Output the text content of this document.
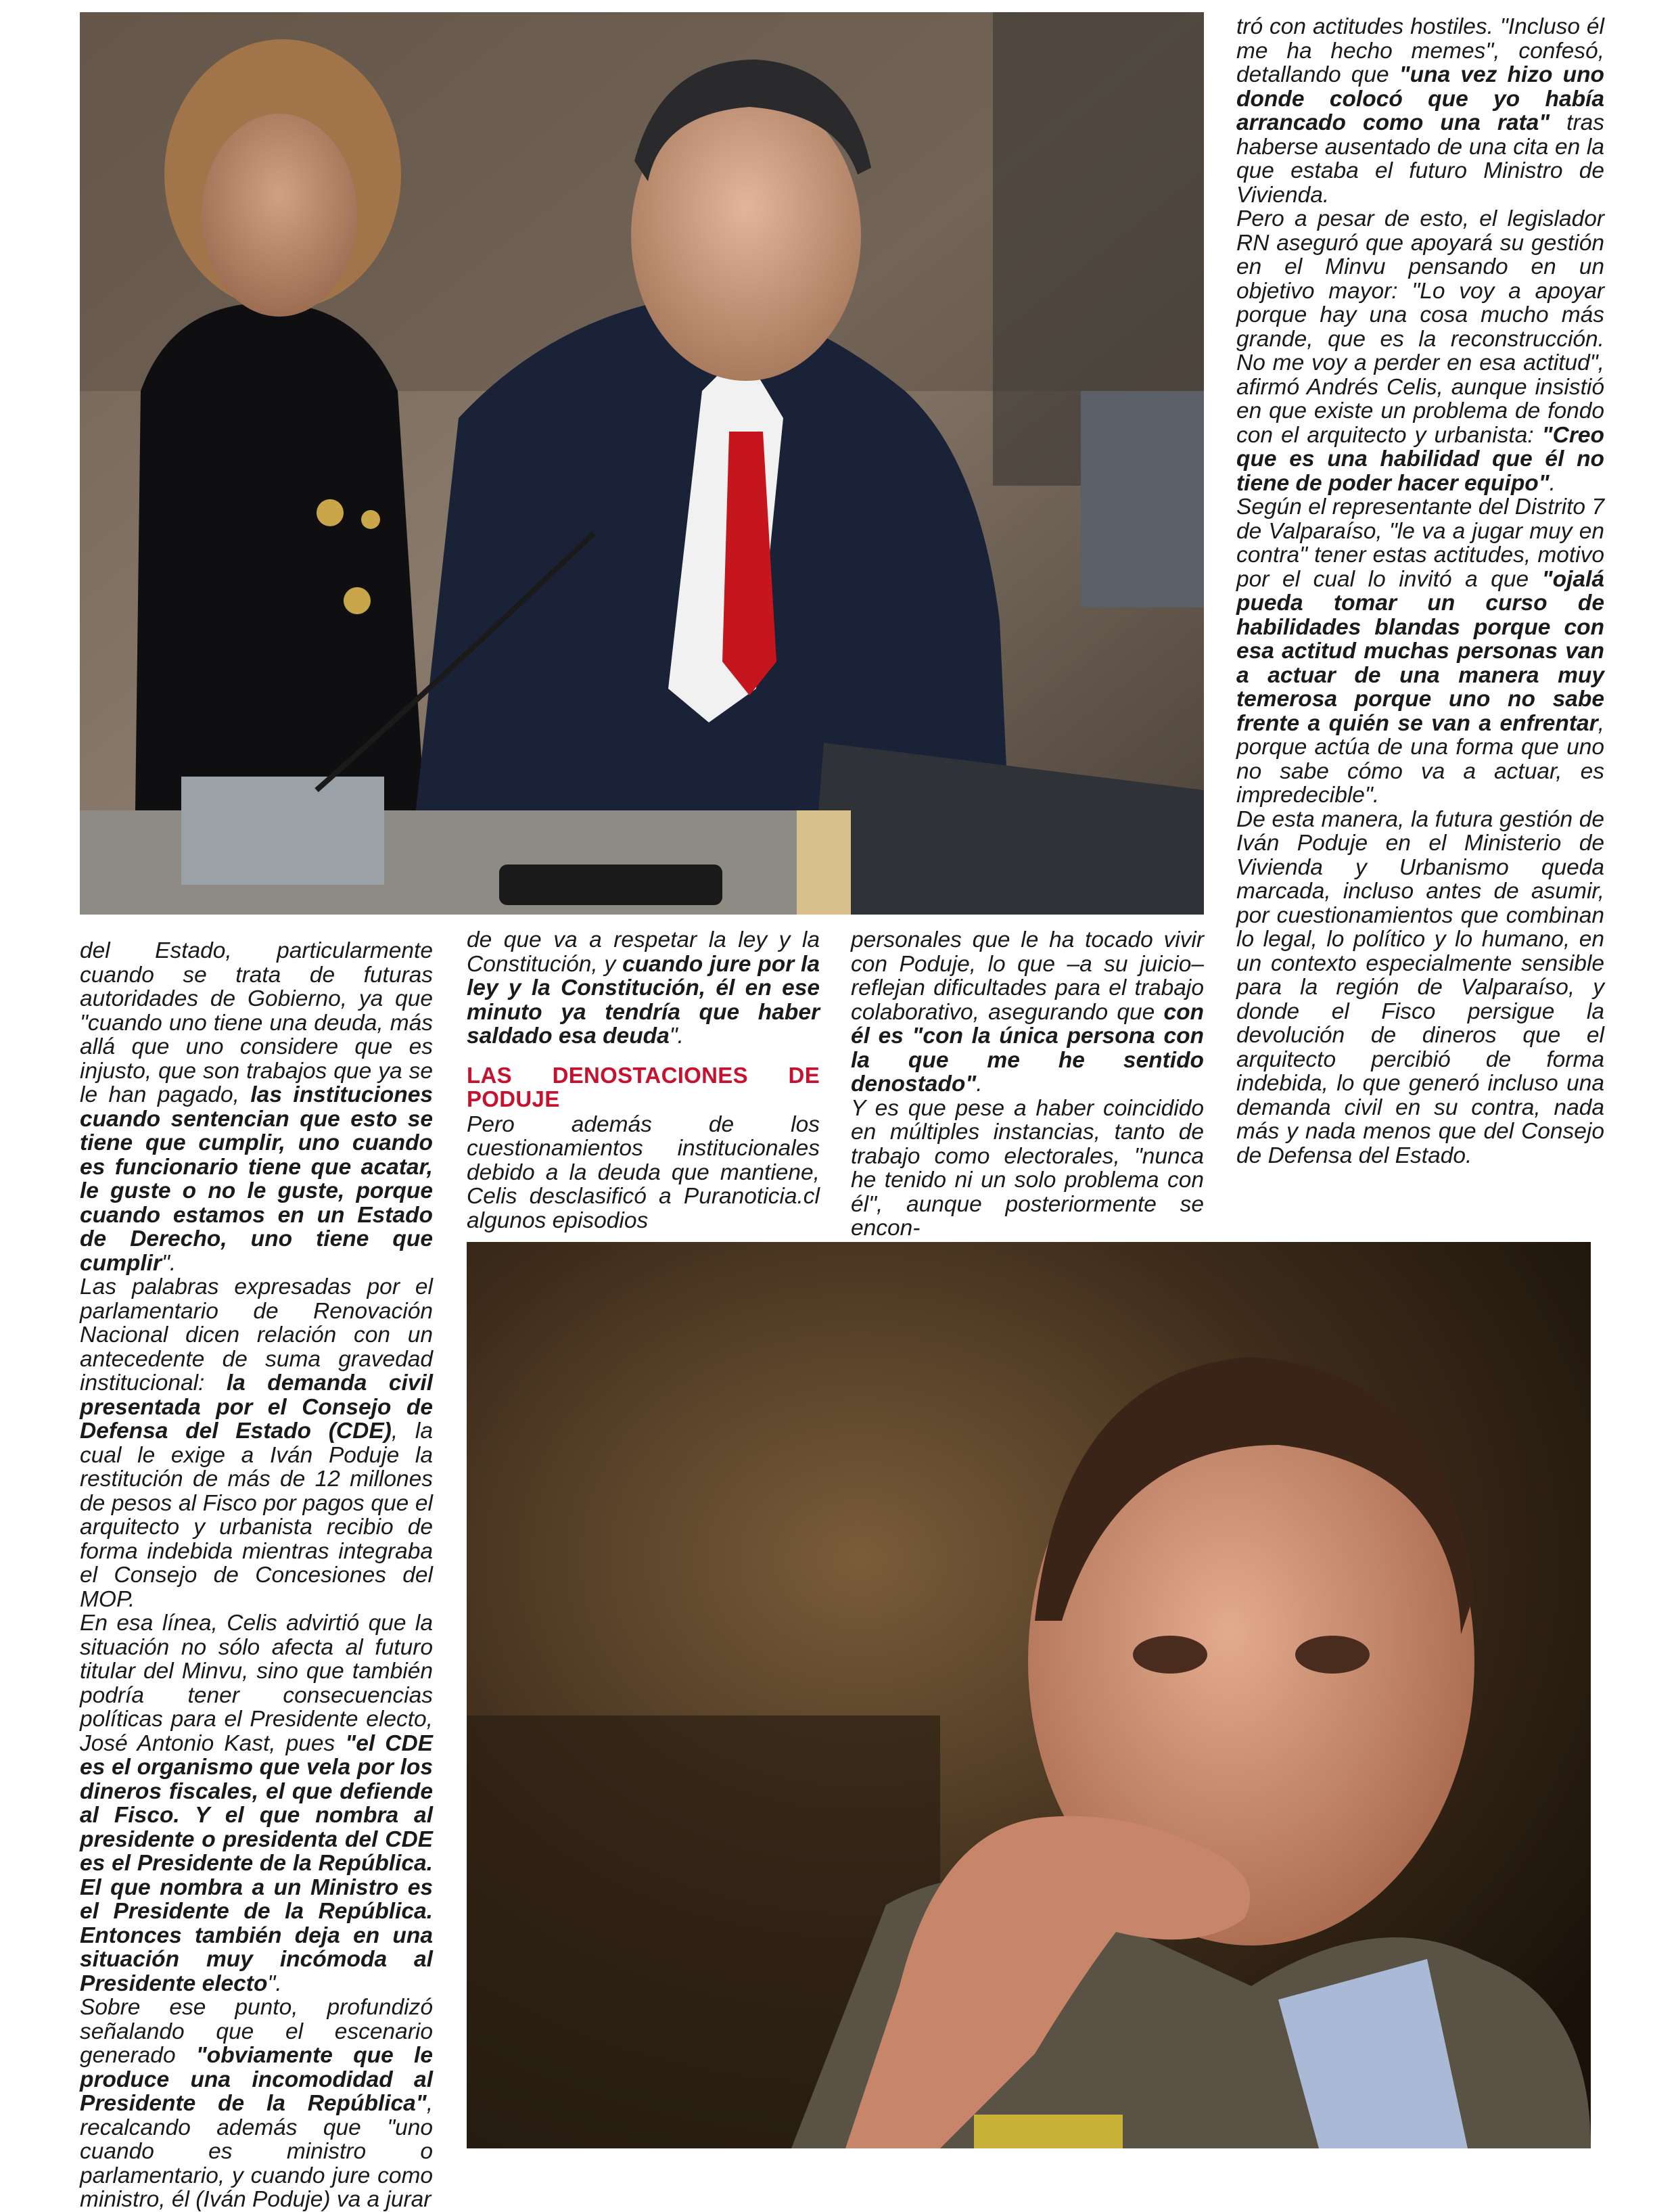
tró con actitudes hostiles. "Incluso él me ha hecho memes", confesó, detallando que "una vez hizo uno donde colocó que yo había arrancado como una rata" tras haberse ausentado de una cita en la que estaba el futuro Ministro de Vivienda.

Pero a pesar de esto, el legislador RN aseguró que apoyará su gestión en el Minvu pensando en un objetivo mayor: "Lo voy a apoyar porque hay una cosa mucho más grande, que es la reconstrucción. No me voy a perder en esa actitud", afirmó Andrés Celis, aunque insistió en que existe un problema de fondo con el arquitecto y urbanista: "Creo que es una habilidad que él no tiene de poder hacer equipo".

Según el representante del Distrito 7 de Valparaíso, "le va a jugar muy en contra" tener estas actitudes, motivo por el cual lo invitó a que "ojalá pueda tomar un curso de habilidades blandas porque con esa actitud muchas personas van a actuar de una manera muy temerosa porque uno no sabe frente a quién se van a enfrentar, porque actúa de una forma que uno no sabe cómo va a actuar, es impredecible".

De esta manera, la futura gestión de Iván Poduje en el Ministerio de Vivienda y Urbanismo queda marcada, incluso antes de asumir, por cuestionamientos que combinan lo legal, lo político y lo humano, en un contexto especialmente sensible para la región de Valparaíso, y donde el Fisco persigue la devolución de dineros que el arquitecto percibió de forma indebida, lo que generó incluso una demanda civil en su contra, nada más y nada menos que del Consejo de Defensa del Estado.

del Estado, particularmente cuando se trata de futuras autoridades de Gobierno, ya que "cuando uno tiene una deuda, más allá que uno considere que es injusto, que son trabajos que ya se le han pagado, las instituciones cuando sentencian que esto se tiene que cumplir, uno cuando es funcionario tiene que acatar, le guste o no le guste, porque cuando estamos en un Estado de Derecho, uno tiene que cumplir".

Las palabras expresadas por el parlamentario de Renovación Nacional dicen relación con un antecedente de suma gravedad institucional: la demanda civil presentada por el Consejo de Defensa del Estado (CDE), la cual le exige a Iván Poduje la restitución de más de 12 millones de pesos al Fisco por pagos que el arquitecto y urbanista recibio de forma indebida mientras integraba el Consejo de Concesiones del MOP.

En esa línea, Celis advirtió que la situación no sólo afecta al futuro titular del Minvu, sino que también podría tener consecuencias políticas para el Presidente electo, José Antonio Kast, pues "el CDE es el organismo que vela por los dineros fiscales, el que defiende al Fisco. Y el que nombra al presidente o presidenta del CDE es el Presidente de la República. El que nombra a un Ministro es el Presidente de la República. Entonces también deja en una situación muy incómoda al Presidente electo".

Sobre ese punto, profundizó señalando que el escenario generado "obviamente que le produce una incomodidad al Presidente de la República", recalcando además que "uno cuando es ministro o parlamentario, y cuando jure como ministro, él (Iván Poduje) va a jurar

de que va a respetar la ley y la Constitución, y cuando jure por la ley y la Constitución, él en ese minuto ya tendría que haber saldado esa deuda".

LAS DENOSTACIONES DE PODUJE

Pero además de los cuestionamientos institucionales debido a la deuda que mantiene, Celis desclasificó a Puranoticia.cl algunos episodios

personales que le ha tocado vivir con Poduje, lo que –a su juicio– reflejan dificultades para el trabajo colaborativo, asegurando que con él es "con la única persona con la que me he sentido denostado".

Y es que pese a haber coincidido en múltiples instancias, tanto de trabajo como electorales, "nunca he tenido ni un solo problema con él", aunque posteriormente se encon-
